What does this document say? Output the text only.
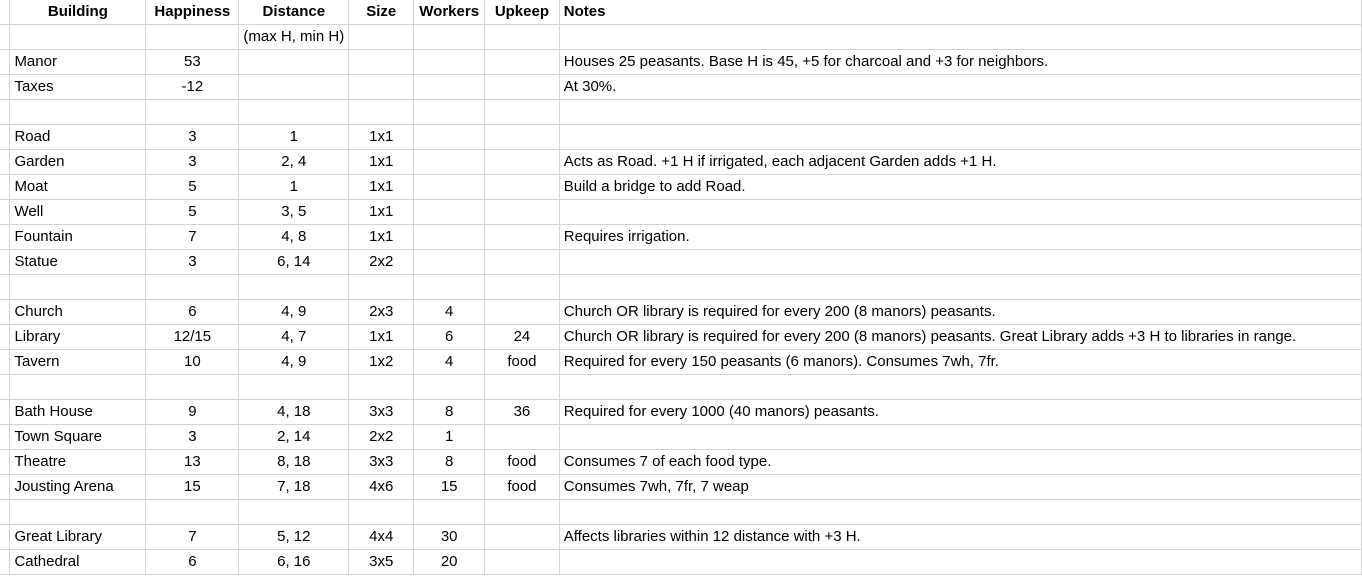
	Building	Happiness	Distance	Size	Workers	Upkeep	Notes
			(max H, min H)				
	Manor	53					Houses 25 peasants. Base H is 45, +5 for charcoal and +3 for neighbors.
	Taxes	-12					At 30%.

	Road	3	1	1x1			
	Garden	3	2, 4	1x1			Acts as Road. +1 H if irrigated, each adjacent Garden adds +1 H.
	Moat	5	1	1x1			Build a bridge to add Road.
	Well	5	3, 5	1x1			
	Fountain	7	4, 8	1x1			Requires irrigation.
	Statue	3	6, 14	2x2			

	Church	6	4, 9	2x3	4		Church OR library is required for every 200 (8 manors) peasants.
	Library	12/15	4, 7	1x1	6	24	Church OR library is required for every 200 (8 manors) peasants. Great Library adds +3 H to libraries in range.
	Tavern	10	4, 9	1x2	4	food	Required for every 150 peasants (6 manors). Consumes 7wh, 7fr.

	Bath House	9	4, 18	3x3	8	36	Required for every 1000 (40 manors) peasants.
	Town Square	3	2, 14	2x2	1		
	Theatre	13	8, 18	3x3	8	food	Consumes 7 of each food type.
	Jousting Arena	15	7, 18	4x6	15	food	Consumes 7wh, 7fr, 7 weap

	Great Library	7	5, 12	4x4	30		Affects libraries within 12 distance with +3 H.
	Cathedral	6	6, 16	3x5	20		
